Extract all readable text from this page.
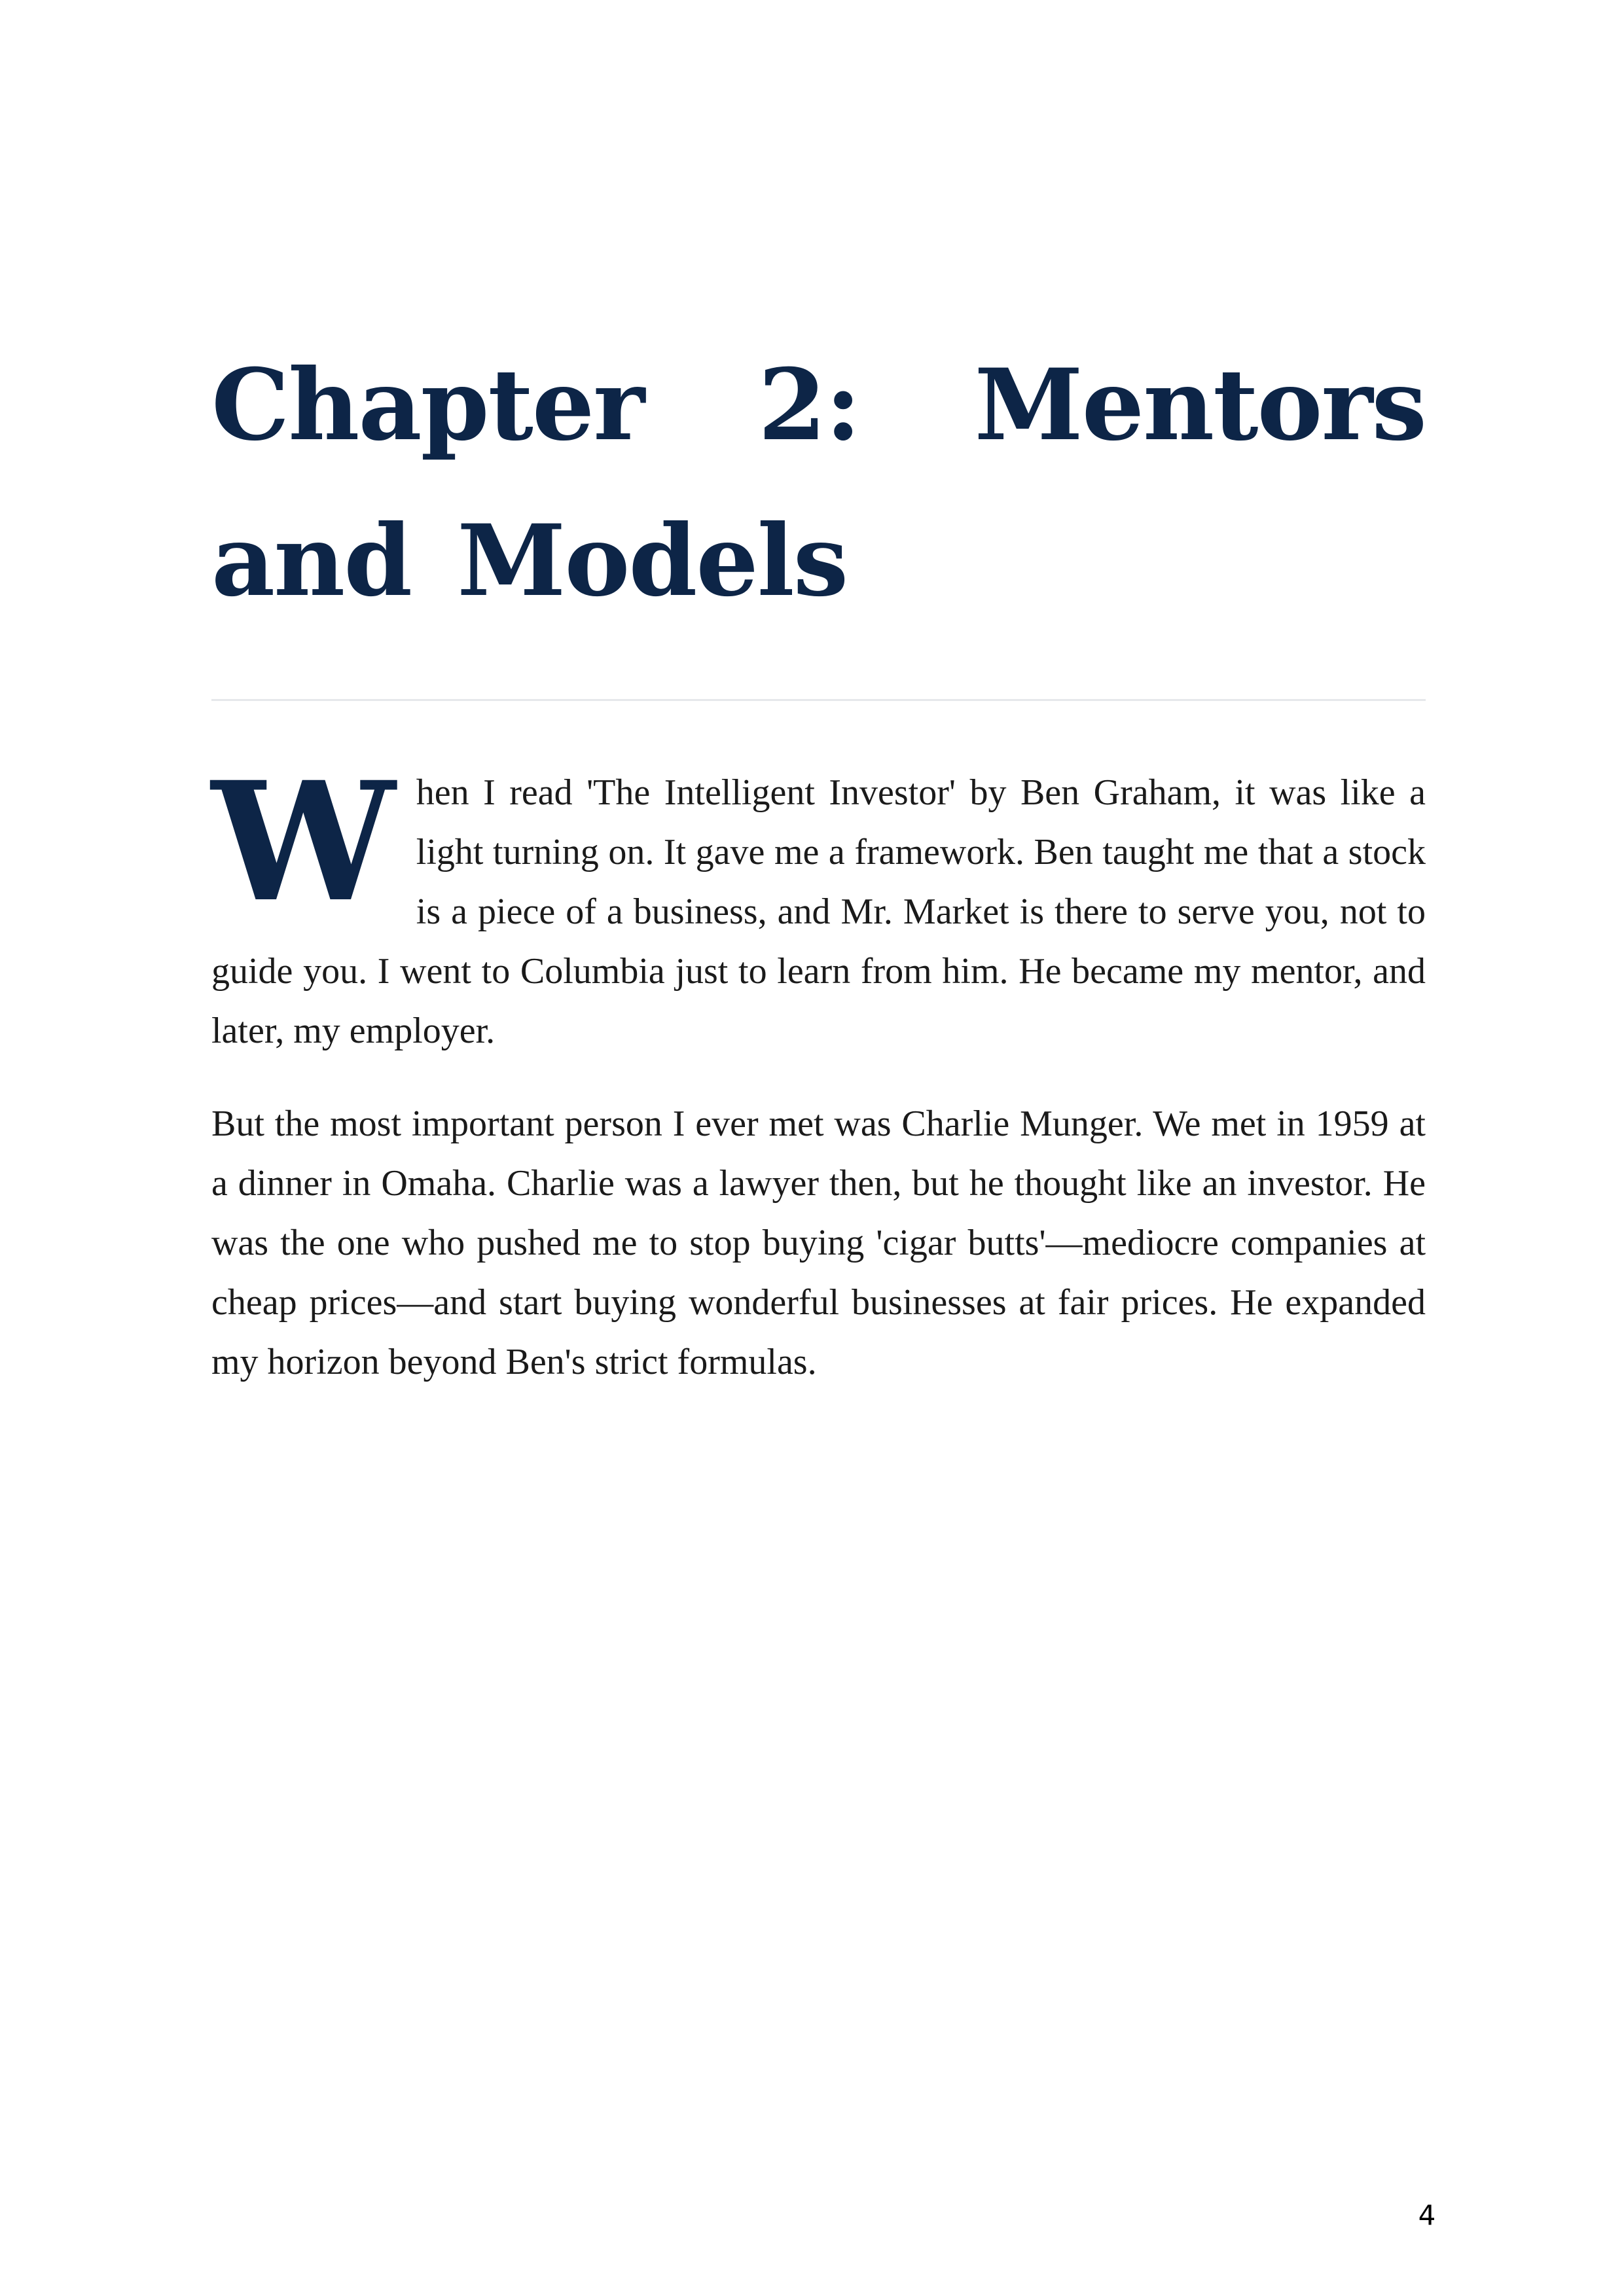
Chapter 2: Mentors and Models

When I read 'The Intelligent Investor' by Ben Graham, it was like a light turning on. It gave me a framework. Ben taught me that a stock is a piece of a business, and Mr. Market is there to serve you, not to guide you. I went to Columbia just to learn from him. He became my mentor, and later, my employer.

But the most important person I ever met was Charlie Munger. We met in 1959 at a dinner in Omaha. Charlie was a lawyer then, but he thought like an investor. He was the one who pushed me to stop buying 'cigar butts'—mediocre companies at cheap prices—and start buying wonderful businesses at fair prices. He expanded my horizon beyond Ben's strict formulas.

4
